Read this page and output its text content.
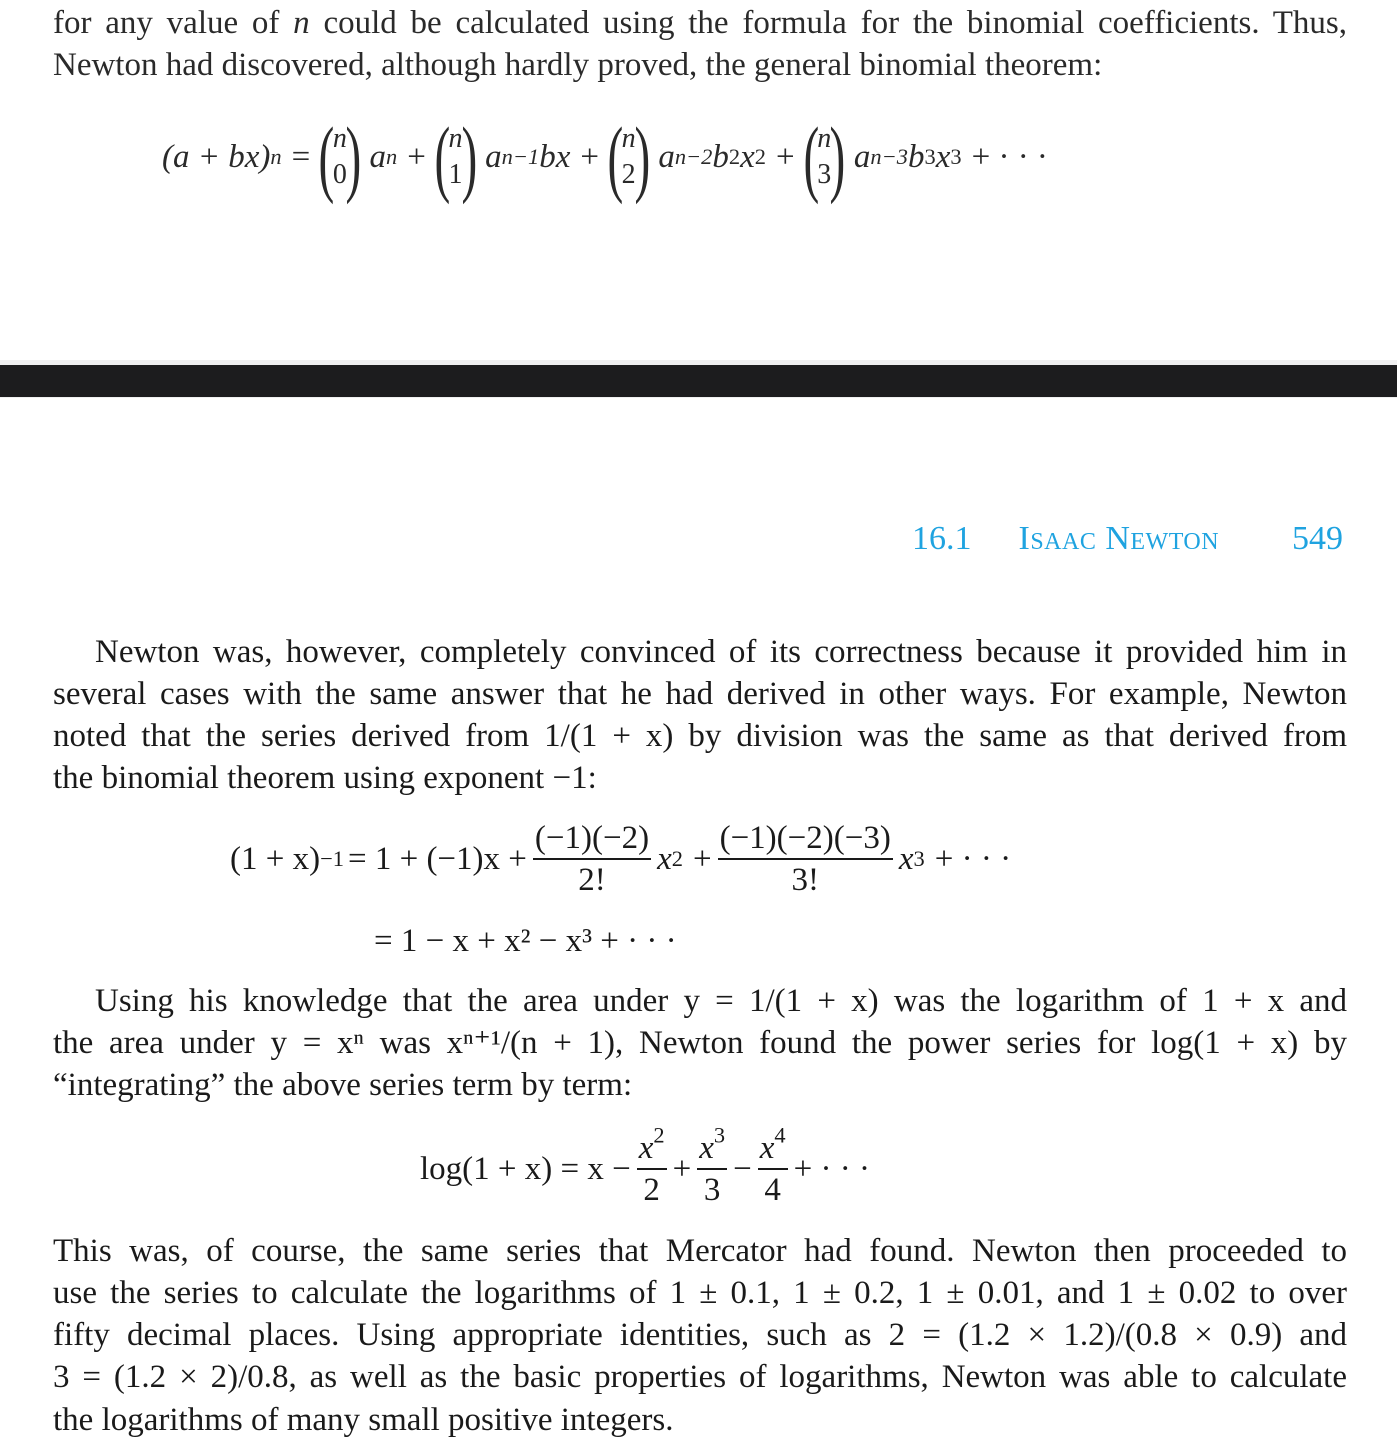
for any value of n could be calculated using the formula for the binomial coefficients. Thus,
Newton had discovered, although hardly proved, the general binomial theorem:
(a + bx) n = (
n
0
) a n + (
n
1
) a n−1 bx + (
n
2
) a n−2 b 2 x 2 + (
n
3
) a n−3 b 3 x 3 + · · ·
16.1 Isaac Newton 549
Newton was, however, completely convinced of its correctness because it provided him in
several cases with the same answer that he had derived in other ways. For example, Newton
noted that the series derived from 1/(1 + x) by division was the same as that derived from
the binomial theorem using exponent −1:
$(1 + x) -1 = 1 + (-1)x + \frac{(-1)(-2)}{2!}$ x $2 + \frac{(-1)(-2)(-3)}{3!}$ x 3 + · · ·
= 1 − x + x² − x³ + · · ·
Using his knowledge that the area under y = 1/(1 + x) was the logarithm of 1 + x and
the area under y = xⁿ was xⁿ⁺¹/(n + 1), Newton found the power series for log(1 + x) by
“integrating” the above series term by term:
$\log(1 + x) = x - \frac{x^2}{2} + \frac{x^3}{3} - \frac{x^4}{4}$ + · · ·
This was, of course, the same series that Mercator had found. Newton then proceeded to
use the series to calculate the logarithms of 1 ± 0.1, 1 ± 0.2, 1 ± 0.01, and 1 ± 0.02 to over
fifty decimal places. Using appropriate identities, such as 2 = (1.2 × 1.2)/(0.8 × 0.9) and
3 = (1.2 × 2)/0.8, as well as the basic properties of logarithms, Newton was able to calculate
the logarithms of many small positive integers.
